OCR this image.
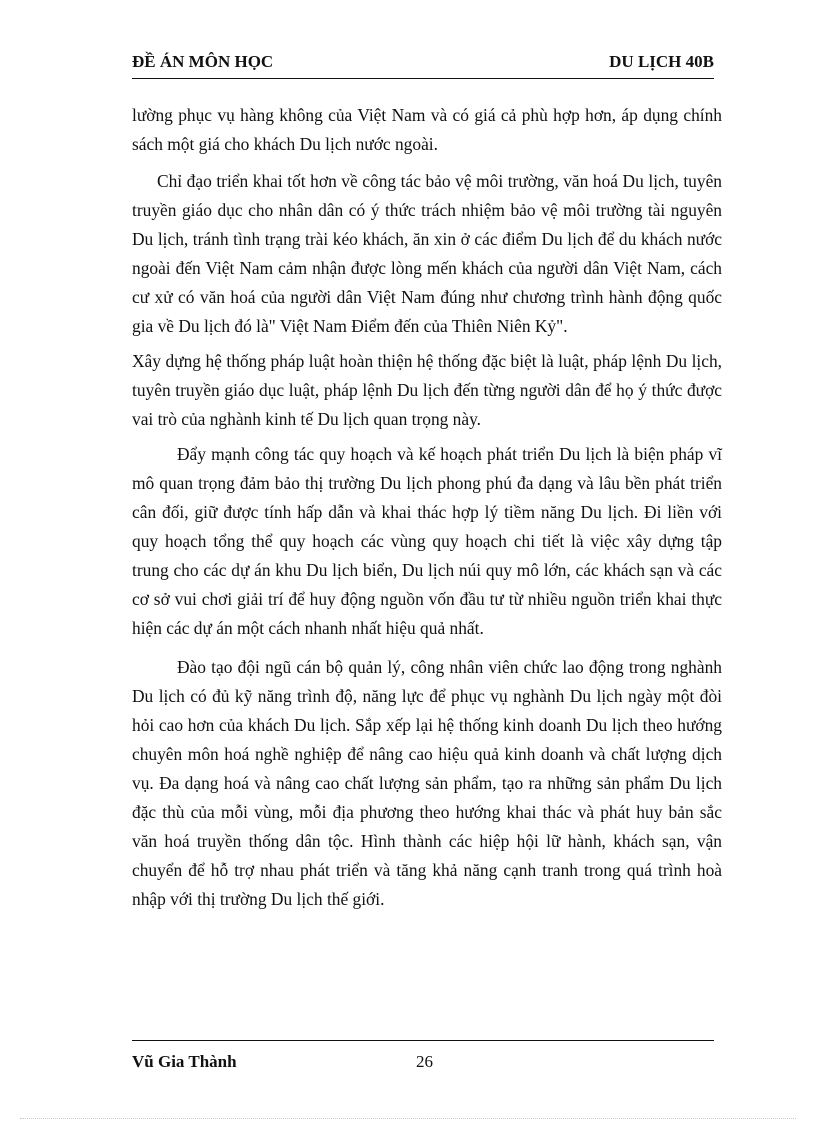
ĐỀ ÁN MÔN HỌC	DU LỊCH 40B

lường phục vụ hàng không của Việt Nam và có giá cả phù hợp hơn, áp dụng chính sách một giá cho khách Du lịch nước ngoài.

Chỉ đạo triển khai tốt hơn về công tác bảo vệ môi trường, văn hoá Du lịch, tuyên truyền giáo dục cho nhân dân có ý thức trách nhiệm bảo vệ môi trường tài nguyên Du lịch, tránh tình trạng trài kéo khách, ăn xin ở các điểm Du lịch để du khách nước ngoài đến Việt Nam cảm nhận được lòng mến khách của người dân Việt Nam, cách cư xử có văn hoá của người dân Việt Nam đúng như chương trình hành động quốc gia về Du lịch đó là" Việt Nam Điểm đến của Thiên Niên Kỷ".

Xây dựng hệ thống pháp luật hoàn thiện hệ thống đặc biệt là luật, pháp lệnh Du lịch, tuyên truyền giáo dục luật, pháp lệnh Du lịch đến từng người dân để họ ý thức được vai trò của nghành kinh tế Du lịch quan trọng này.

Đẩy mạnh công tác quy hoạch và kế hoạch phát triển Du lịch là biện pháp vĩ mô quan trọng đảm bảo thị trường Du lịch phong phú đa dạng và lâu bền phát triển cân đối, giữ được tính hấp dẫn và khai thác hợp lý tiềm năng Du lịch. Đi liền với quy hoạch tổng thể quy hoạch các vùng quy hoạch chi tiết là việc xây dựng tập trung cho các dự án khu Du lịch biển, Du lịch núi quy mô lớn, các khách sạn và các cơ sở vui chơi giải trí để huy động nguồn vốn đầu tư từ nhiều nguồn triển khai thực hiện các dự án một cách nhanh nhất hiệu quả nhất.

Đào tạo đội ngũ cán bộ quản lý, công nhân viên chức lao động trong nghành Du lịch có đủ kỹ năng trình độ, năng lực để phục vụ nghành Du lịch ngày một đòi hỏi cao hơn của khách Du lịch. Sắp xếp lại hệ thống kinh doanh Du lịch theo hướng chuyên môn hoá nghề nghiệp để nâng cao hiệu quả kinh doanh và chất lượng dịch vụ. Đa dạng hoá và nâng cao chất lượng sản phẩm, tạo ra những sản phẩm Du lịch đặc thù của mỗi vùng, mỗi địa phương theo hướng khai thác và phát huy bản sắc văn hoá truyền thống dân tộc. Hình thành các hiệp hội lữ hành, khách sạn, vận chuyển để hỗ trợ nhau phát triển và tăng khả năng cạnh tranh trong quá trình hoà nhập với thị trường Du lịch thế giới.

Vũ Gia Thành	26
